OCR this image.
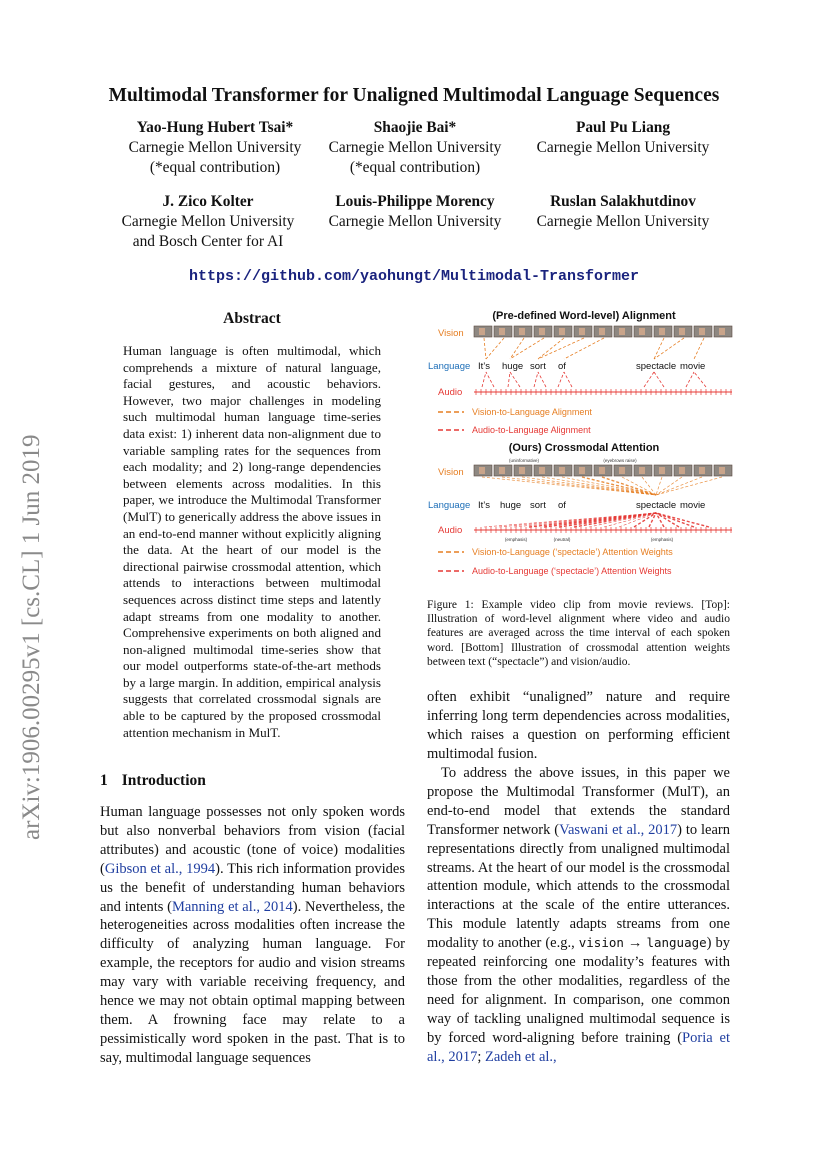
arXiv:1906.00295v1 [cs.CL] 1 Jun 2019
Multimodal Transformer for Unaligned Multimodal Language Sequences
Yao-Hung Hubert Tsai*
Carnegie Mellon University
(*equal contribution)
Shaojie Bai*
Carnegie Mellon University
(*equal contribution)
Paul Pu Liang
Carnegie Mellon University
J. Zico Kolter
Carnegie Mellon University
and Bosch Center for AI
Louis-Philippe Morency
Carnegie Mellon University
Ruslan Salakhutdinov
Carnegie Mellon University
https://github.com/yaohungt/Multimodal-Transformer
Abstract
Human language is often multimodal, which comprehends a mixture of natural language, facial gestures, and acoustic behaviors. However, two major challenges in modeling such multimodal human language time-series data exist: 1) inherent data non-alignment due to variable sampling rates for the sequences from each modality; and 2) long-range dependencies between elements across modalities. In this paper, we introduce the Multimodal Transformer (MulT) to generically address the above issues in an end-to-end manner without explicitly aligning the data. At the heart of our model is the directional pairwise crossmodal attention, which attends to interactions between multimodal sequences across distinct time steps and latently adapt streams from one modality to another. Comprehensive experiments on both aligned and non-aligned multimodal time-series show that our model outperforms state-of-the-art methods by a large margin. In addition, empirical analysis suggests that correlated crossmodal signals are able to be captured by the proposed crossmodal attention mechanism in MulT.
1 Introduction
Human language possesses not only spoken words but also nonverbal behaviors from vision (facial attributes) and acoustic (tone of voice) modalities (Gibson et al., 1994). This rich information provides us the benefit of understanding human behaviors and intents (Manning et al., 2014). Nevertheless, the heterogeneities across modalities often increase the difficulty of analyzing human language. For example, the receptors for audio and vision streams may vary with variable receiving frequency, and hence we may not obtain optimal mapping between them. A frowning face may relate to a pessimistically word spoken in the past. That is to say, multimodal language sequences
often exhibit “unaligned” nature and require inferring long term dependencies across modalities, which raises a question on performing efficient multimodal fusion.
To address the above issues, in this paper we propose the Multimodal Transformer (MulT), an end-to-end model that extends the standard Transformer network (Vaswani et al., 2017) to learn representations directly from unaligned multimodal streams. At the heart of our model is the crossmodal attention module, which attends to the crossmodal interactions at the scale of the entire utterances. This module latently adapts streams from one modality to another (e.g., vision → language) by repeated reinforcing one modality’s features with those from the other modalities, regardless of the need for alignment. In comparison, one common way of tackling unaligned multimodal sequence is by forced word-aligning before training (Poria et al., 2017; Zadeh et al.,
(Pre-defined Word-level) Alignment
Vision
Language It’s huge sort of	spectacle movie
Audio
Vision-to-Language Alignment
Audio-to-Language Alignment
(Ours) Crossmodal Attention
(uninformative)	(eyebrows raise)
Vision
Language It’s huge sort of	spectacle movie
Audio
(emphasis)	(neutral)	(emphasis)
Vision-to-Language (‘spectacle’) Attention Weights
Audio-to-Language (‘spectacle’) Attention Weights
Figure 1: Example video clip from movie reviews. [Top]: Illustration of word-level alignment where video and audio features are averaged across the time interval of each spoken word. [Bottom] Illustration of crossmodal attention weights between text (“spectacle”) and vision/audio.
